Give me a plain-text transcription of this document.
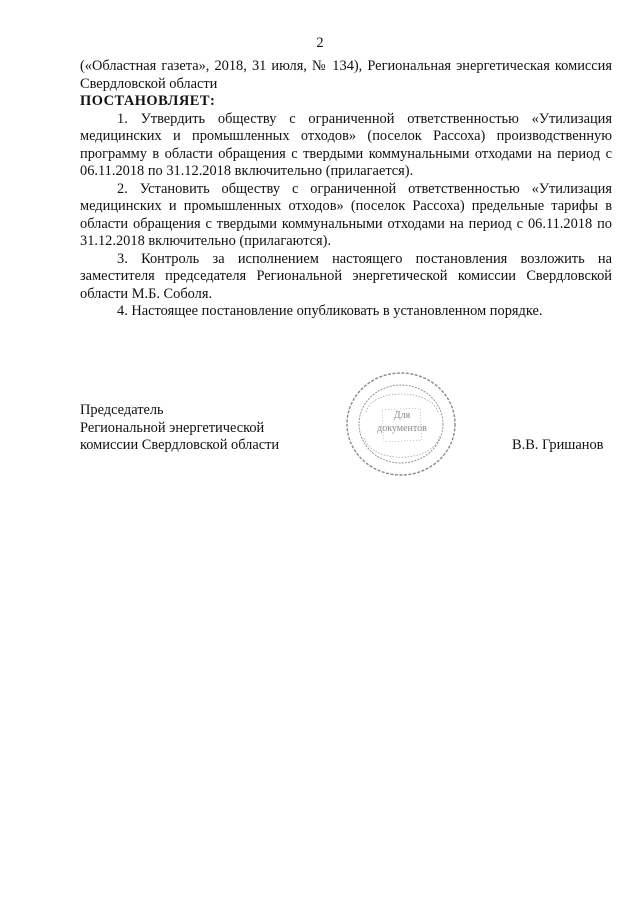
2

(«Областная газета», 2018, 31 июля, № 134), Региональная энергетическая комиссия Свердловской области

ПОСТАНОВЛЯЕТ:

1. Утвердить обществу с ограниченной ответственностью «Утилизация медицинских и промышленных отходов» (поселок Рассоха) производственную программу в области обращения с твердыми коммунальными отходами на период с 06.11.2018 по 31.12.2018 включительно (прилагается).

2. Установить обществу с ограниченной ответственностью «Утилизация медицинских и промышленных отходов» (поселок Рассоха) предельные тарифы в области обращения с твердыми коммунальными отходами на период с 06.11.2018 по 31.12.2018 включительно (прилагаются).

3. Контроль за исполнением настоящего постановления возложить на заместителя председателя Региональной энергетической комиссии Свердловской области М.Б. Соболя.

4. Настоящее постановление опубликовать в установленном порядке.

Председатель
Региональной энергетической
комиссии Свердловской области
Для
документов
В.В. Гришанов
